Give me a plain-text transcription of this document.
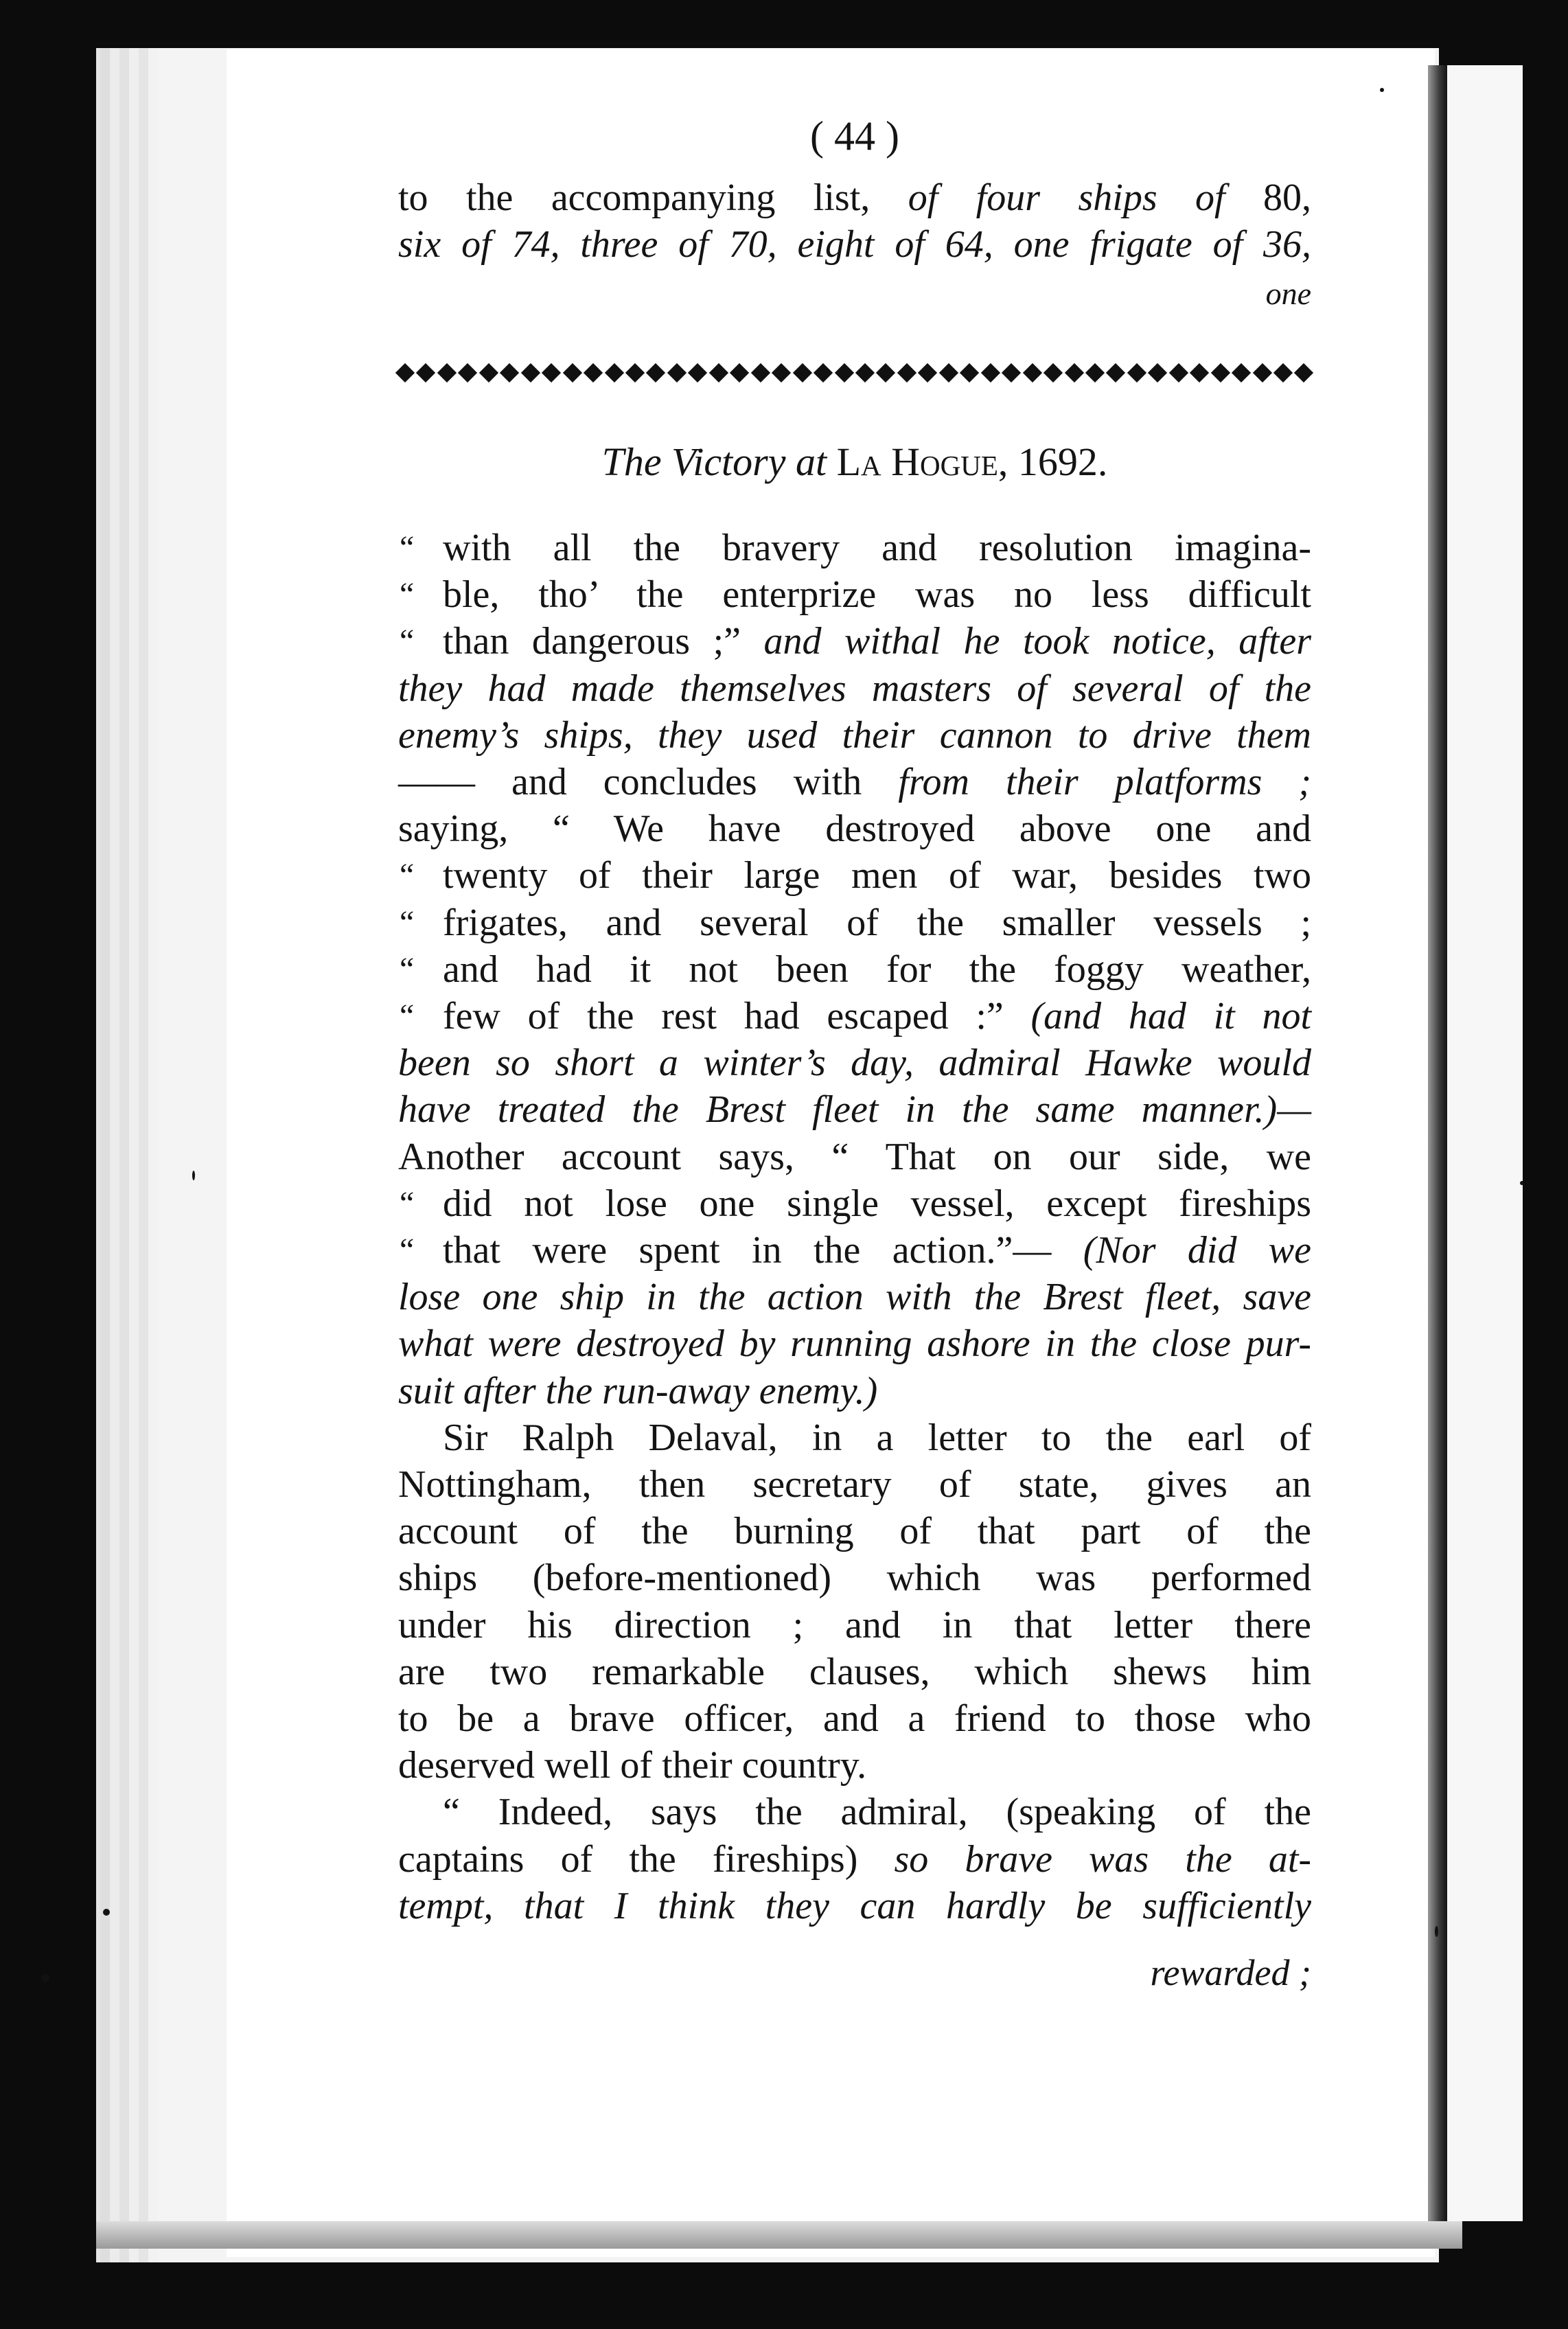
( 44 )
to the accompanying list, of four ships of 80,
six of 74, three of 70, eight of 64, one frigate of 36,
one
The Victory at La Hogue, 1692.
“ with all the bravery and resolution imagina-
“ ble, tho’ the enterprize was no less difficult
“ than dangerous ;” and withal he took notice, after
they had made themselves masters of several of the
enemy’s ships, they used their cannon to drive them
—— and concludes with from their platforms ;
saying, “ We have destroyed above one and
“ twenty of their large men of war, besides two
“ frigates, and several of the smaller vessels ;
“ and had it not been for the foggy weather,
“ few of the rest had escaped :” (and had it not
been so short a winter’s day, admiral Hawke would
have treated the Brest fleet in the same manner.)—
Another account says, “ That on our side, we
“ did not lose one single vessel, except fireships
“ that were spent in the action.”— (Nor did we
lose one ship in the action with the Brest fleet, save
what were destroyed by running ashore in the close pur-
suit after the run-away enemy.)
Sir Ralph Delaval, in a letter to the earl of
Nottingham, then secretary of state, gives an
account of the burning of that part of the
ships (before-mentioned) which was performed
under his direction ; and in that letter there
are two remarkable clauses, which shews him
to be a brave officer, and a friend to those who
deserved well of their country.
“ Indeed, says the admiral, (speaking of the
captains of the fireships) so brave was the at-
tempt, that I think they can hardly be sufficiently
rewarded ;
